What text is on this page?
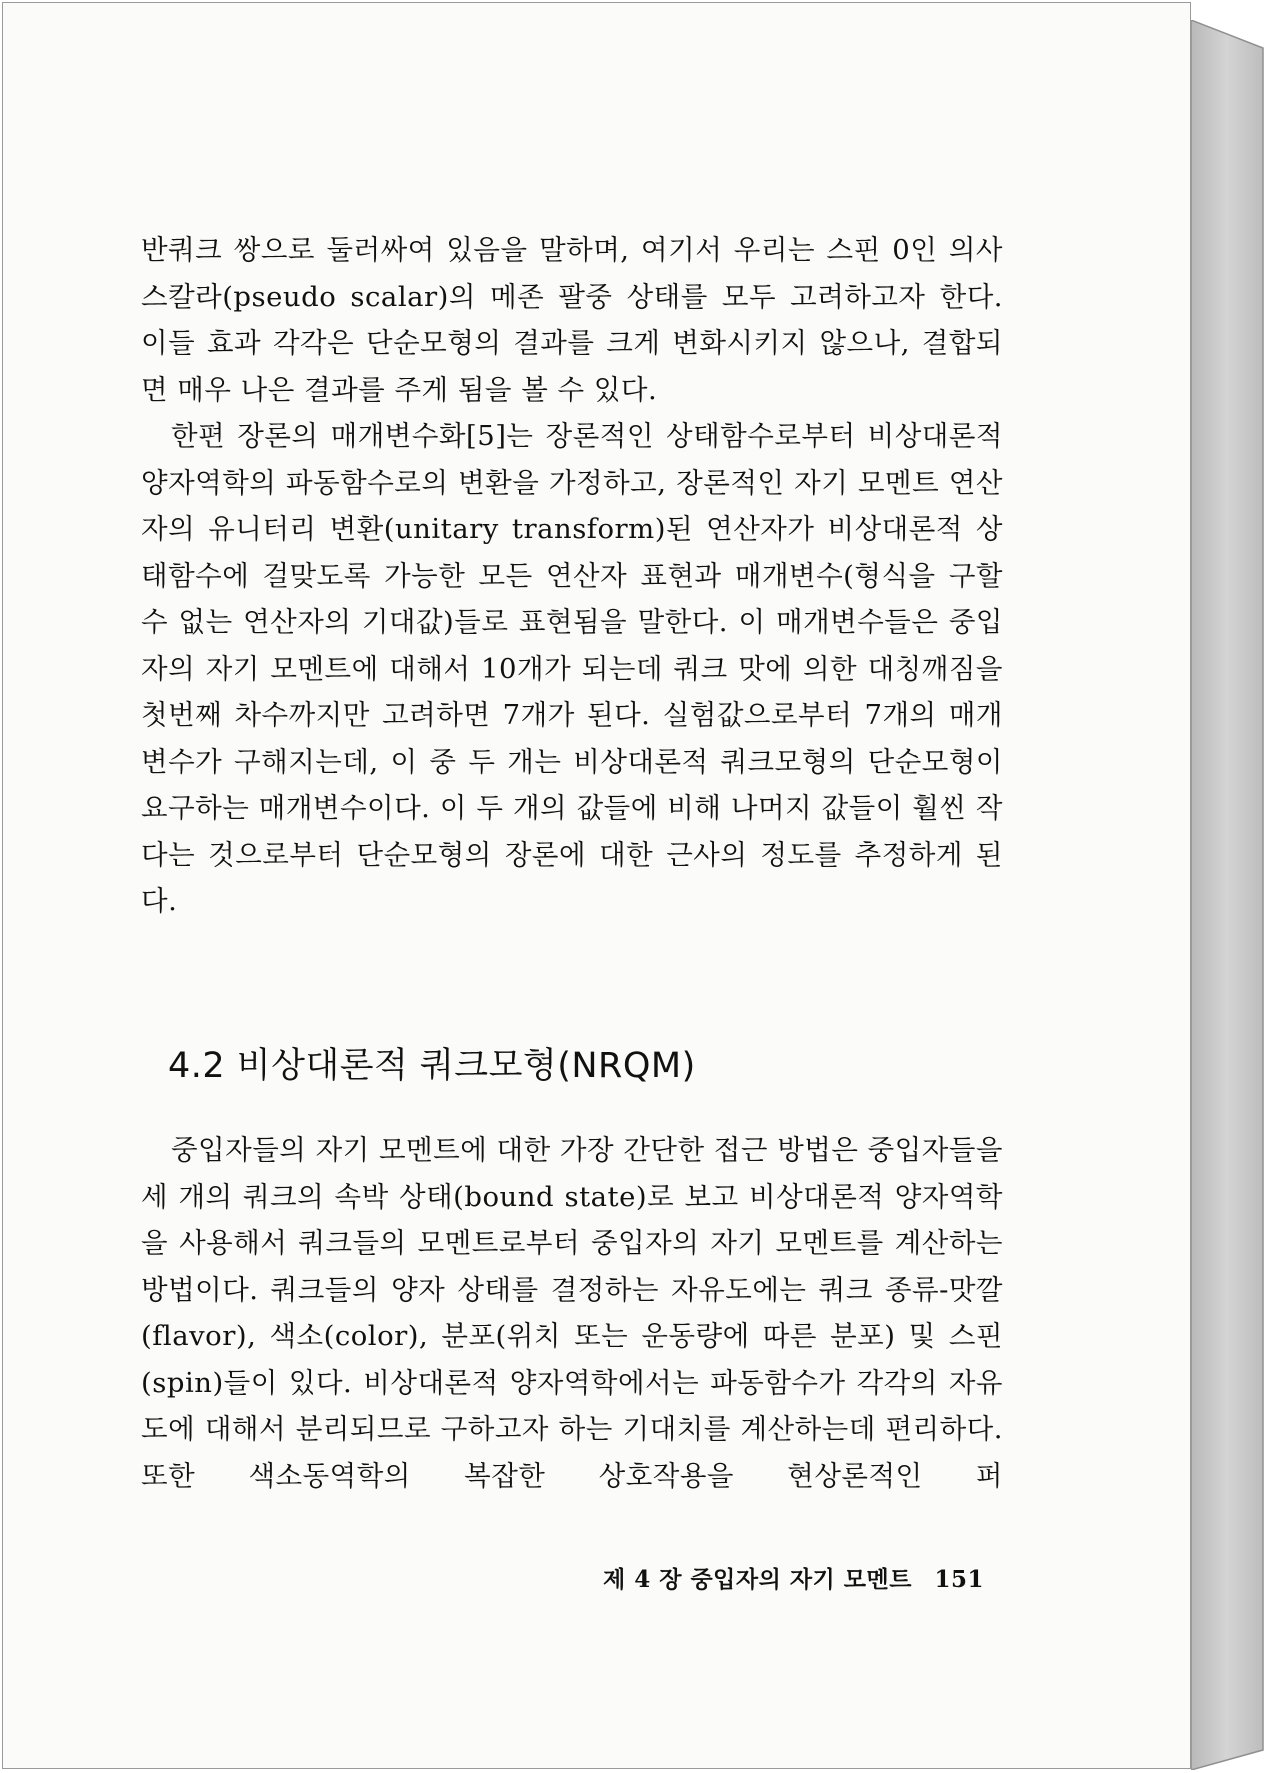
반쿼크 쌍으로 둘러싸여 있음을 말하며, 여기서 우리는 스핀 0인 의사 스칼라(pseudo scalar)의 메존 팔중 상태를 모두 고려하고자 한다. 이들 효과 각각은 단순모형의 결과를 크게 변화시키지 않으나, 결합되면 매우 나은 결과를 주게 됨을 볼 수 있다.

한편 장론의 매개변수화[5]는 장론적인 상태함수로부터 비상대론적 양자역학의 파동함수로의 변환을 가정하고, 장론적인 자기 모멘트 연산자의 유니터리 변환(unitary transform)된 연산자가 비상대론적 상태함수에 걸맞도록 가능한 모든 연산자 표현과 매개변수(형식을 구할 수 없는 연산자의 기대값)들로 표현됨을 말한다. 이 매개변수들은 중입자의 자기 모멘트에 대해서 10개가 되는데 쿼크 맛에 의한 대칭깨짐을 첫번째 차수까지만 고려하면 7개가 된다. 실험값으로부터 7개의 매개변수가 구해지는데, 이 중 두 개는 비상대론적 쿼크모형의 단순모형이 요구하는 매개변수이다. 이 두 개의 값들에 비해 나머지 값들이 훨씬 작다는 것으로부터 단순모형의 장론에 대한 근사의 정도를 추정하게 된다.

4.2 비상대론적 쿼크모형(NRQM)

중입자들의 자기 모멘트에 대한 가장 간단한 접근 방법은 중입자들을 세 개의 쿼크의 속박 상태(bound state)로 보고 비상대론적 양자역학을 사용해서 쿼크들의 모멘트로부터 중입자의 자기 모멘트를 계산하는 방법이다. 쿼크들의 양자 상태를 결정하는 자유도에는 쿼크 종류-맛깔(flavor), 색소(color), 분포(위치 또는 운동량에 따른 분포) 및 스핀(spin)들이 있다. 비상대론적 양자역학에서는 파동함수가 각각의 자유도에 대해서 분리되므로 구하고자 하는 기대치를 계산하는데 편리하다. 또한 색소동역학의 복잡한 상호작용을 현상론적인 퍼

제 4 장 중입자의 자기 모멘트 151
